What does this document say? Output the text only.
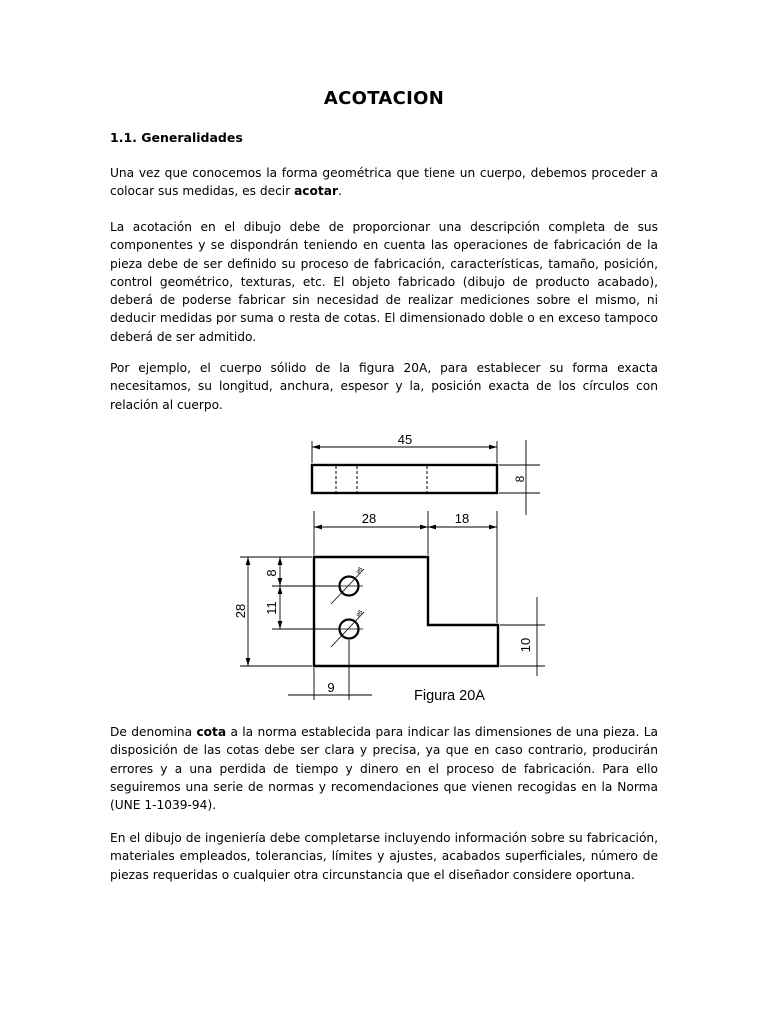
ACOTACION
1.1. Generalidades

Una vez que conocemos la forma geométrica que tiene un cuerpo, debemos proceder a colocar sus medidas, es decir acotar.

La acotación en el dibujo debe de proporcionar una descripción completa de sus componentes y se dispondrán teniendo en cuenta las operaciones de fabricación de la pieza debe de ser definido su proceso de fabricación, características, tamaño, posición, control geométrico, texturas, etc. El objeto fabricado (dibujo de producto acabado), deberá de poderse fabricar sin necesidad de realizar mediciones sobre el mismo, ni deducir medidas por suma o resta de cotas. El dimensionado doble o en exceso tampoco deberá de ser admitido.

Por ejemplo, el cuerpo sólido de la figura 20A, para establecer su forma exacta necesitamos, su longitud, anchura, espesor y la, posición exacta de los círculos con relación al cuerpo.

45
8
⌀6
⌀6
28	18
28
8
11
10
9
Figura 20A

De denomina cota a la norma establecida para indicar las dimensiones de una pieza. La disposición de las cotas debe ser clara y precisa, ya que en caso contrario, producirán errores y a una perdida de tiempo y dinero en el proceso de fabricación. Para ello seguiremos una serie de normas y recomendaciones que vienen recogidas en la Norma (UNE 1-1039-94).

En el dibujo de ingeniería debe completarse incluyendo información sobre su fabricación, materiales empleados, tolerancias, límites y ajustes, acabados superficiales, número de piezas requeridas o cualquier otra circunstancia que el diseñador considere oportuna.
